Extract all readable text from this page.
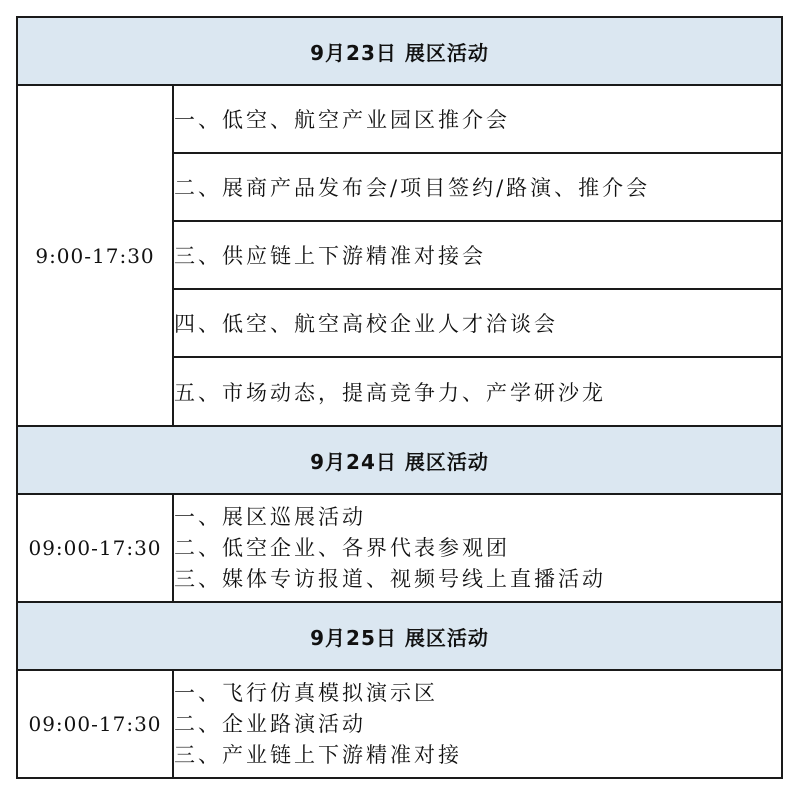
9月23日 展区活动	
9:00-17:30	一、低空、航空产业园区推介会
	二、展商产品发布会/项目签约/路演、推介会
	三、供应链上下游精准对接会
	四、低空、航空高校企业人才洽谈会
	五、市场动态，提高竞争力、产学研沙龙
9月24日 展区活动	
09:00-17:30	一、展区巡展活动
二、低空企业、各界代表参观团
三、媒体专访报道、视频号线上直播活动

9月25日 展区活动	
09:00-17:30	一、飞行仿真模拟演示区
二、企业路演活动
三、产业链上下游精准对接
